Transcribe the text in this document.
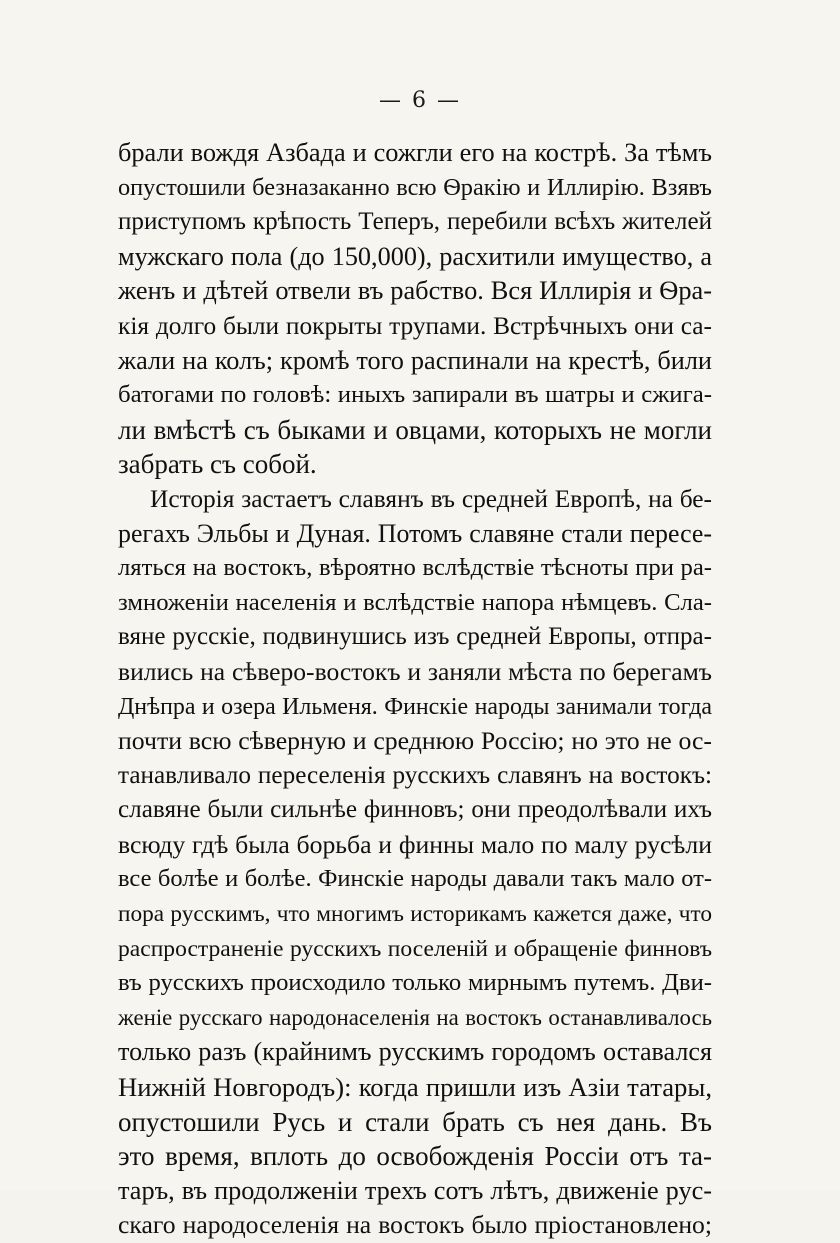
— 6 —
брали вождя Азбада и сожгли его на кострѣ. За тѣмъ
опустошили безназаканно всю Ѳракію и Иллирію. Взявъ
приступомъ крѣпость Теперъ, перебили всѣхъ жителей
мужскаго пола (до 150,000), расхитили имущество, а
женъ и дѣтей отвели въ рабство. Вся Иллирія и Ѳра-
кія долго были покрыты трупами. Встрѣчныхъ они са-
жали на колъ; кромѣ того распинали на крестѣ, били
батогами по головѣ: иныхъ запирали въ шатры и сжига-
ли вмѣстѣ съ быками и овцами, которыхъ не могли
забрать съ собой.
Исторія застаетъ славянъ въ средней Европѣ, на бе-
регахъ Эльбы и Дуная. Потомъ славяне стали пересе-
ляться на востокъ, вѣроятно вслѣдствіе тѣсноты при ра-
змноженіи населенія и вслѣдствіе напора нѣмцевъ. Сла-
вяне русскіе, подвинушись изъ средней Европы, отпра-
вились на сѣверо-востокъ и заняли мѣста по берегамъ
Днѣпра и озера Ильменя. Финскіе народы занимали тогда
почти всю сѣверную и среднюю Россію; но это не ос-
танавливало переселенія русскихъ славянъ на востокъ:
славяне были сильнѣе финновъ; они преодолѣвали ихъ
всюду гдѣ была борьба и финны мало по малу русѣли
все болѣе и болѣе. Финскіе народы давали такъ мало от-
пора русскимъ, что многимъ историкамъ кажется даже, что
распространеніе русскихъ поселеній и обращеніе финновъ
въ русскихъ происходило только мирнымъ путемъ. Дви-
женіе русскаго народонаселенія на востокъ останавливалось
только разъ (крайнимъ русскимъ городомъ оставался
Нижній Новгородъ): когда пришли изъ Азіи татары,
опустошили Русь и стали брать съ нея дань. Въ
это время, вплоть до освобожденія Россіи отъ та-
таръ, въ продолженіи трехъ сотъ лѣтъ, движеніе рус-
скаго народоселенія на востокъ было пріостановлено;
